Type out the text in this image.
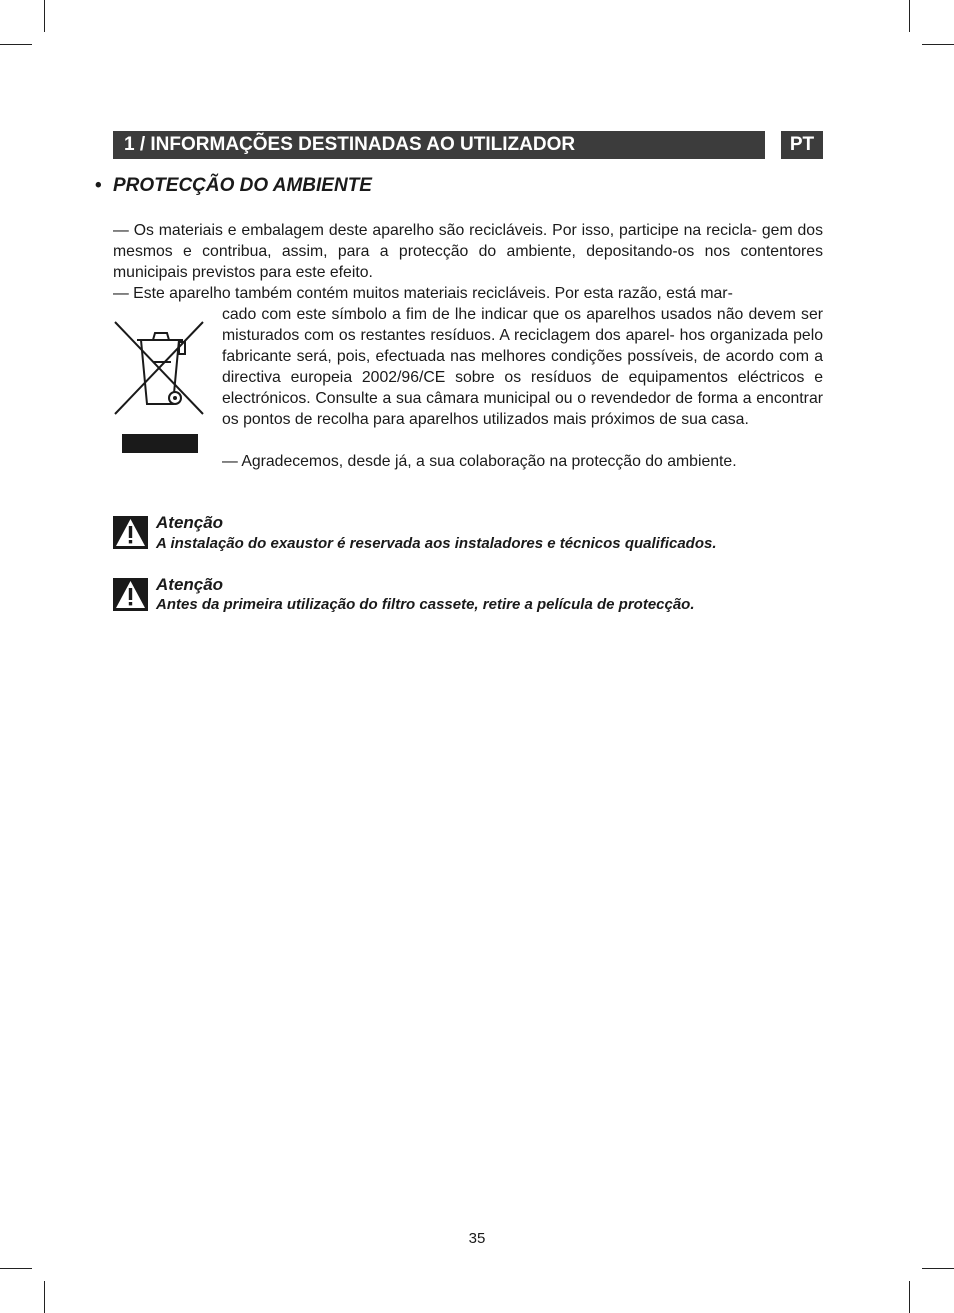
1 / INFORMAÇÕES DESTINADAS AO UTILIZADOR	PT
• PROTECÇÃO DO AMBIENTE
— Os materiais e embalagem deste aparelho são recicláveis. Por isso, participe na recicla- gem dos mesmos e contribua, assim, para a protecção do ambiente, depositando-os nos contentores municipais previstos para este efeito.
— Este aparelho também contém muitos materiais recicláveis. Por esta razão, está mar-
cado com este símbolo a fim de lhe indicar que os aparelhos usados não devem ser misturados com os restantes resíduos. A reciclagem dos aparel- hos organizada pelo fabricante será, pois, efectuada nas melhores condições possíveis, de acordo com a directiva europeia 2002/96/CE sobre os resíduos de equipamentos eléctricos e electrónicos. Consulte a sua câmara municipal ou o revendedor de forma a encontrar os pontos de recolha para aparelhos utilizados mais próximos de sua casa.
— Agradecemos, desde já, a sua colaboração na protecção do ambiente.
Atenção
A instalação do exaustor é reservada aos instaladores e técnicos qualificados.
Atenção
Antes da primeira utilização do filtro cassete, retire a película de protecção.
35
